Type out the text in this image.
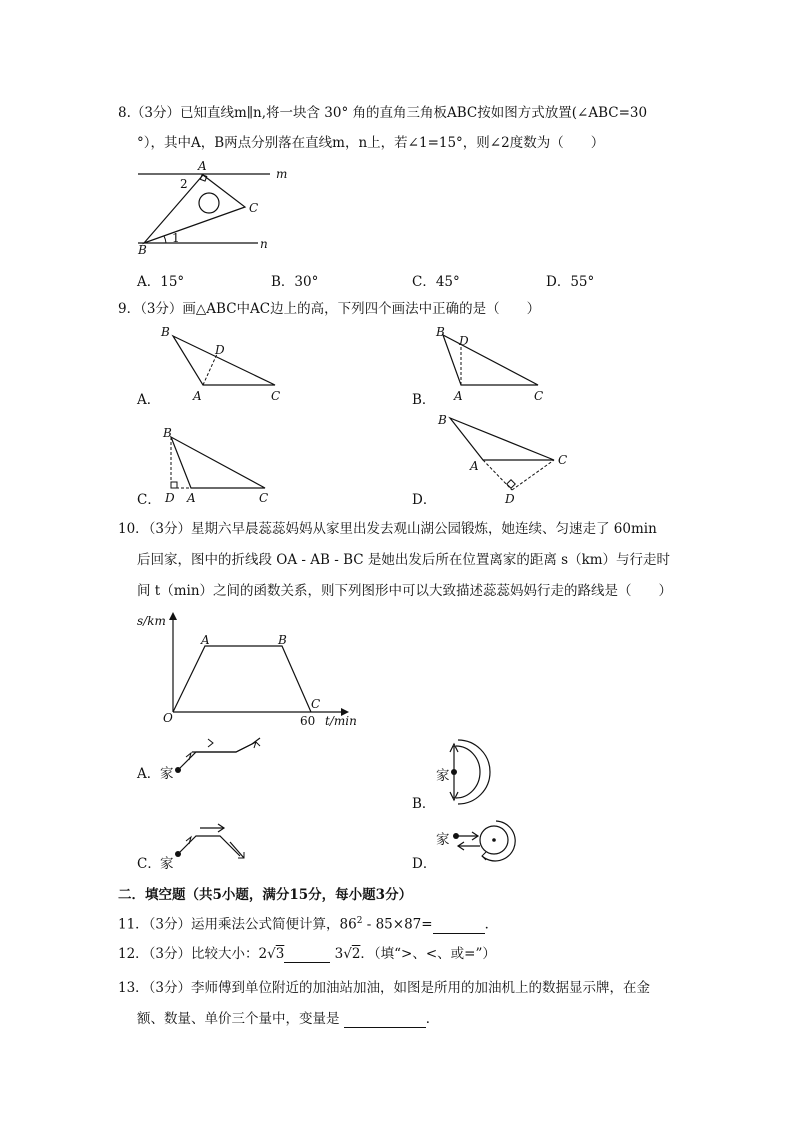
8.（3分）已知直线m∥n,将一块含 30° 角的直角三角板ABC按如图方式放置(∠ABC=30
°），其中A，B两点分别落在直线m，n上，若∠1=15°，则∠2度数为（　　）
A
B
C
m
n
1
2
A．15°	B．30°	C．45°	D．55°
9．（3分）画△ABC中AC边上的高，下列四个画法中正确的是（　　）
A．
B
D
A	C	B．
B
D
A	C
C．
B
D A	C	D．
B
A	C
D
10．（3分）星期六早晨蕊蕊妈妈从家里出发去观山湖公园锻炼，她连续、匀速走了 60min
后回家，图中的折线段 OA - AB - BC 是她出发后所在位置离家的距离 s（km）与行走时
间 t（min）之间的函数关系，则下列图形中可以大致描述蕊蕊妈妈行走的路线是（　　）
s/km
t/min
O
A	B
C
60
A． 家
B．
家
C． 家	D．
家
二．填空题（共5小题，满分15分，每小题3分）
11．（3分）运用乘法公式简便计算，$86^2 - 85\times 87=$	．
12．（3分）比较大小：2√3	3√2．（填“>、<、或=”）
13．（3分）李师傅到单位附近的加油站加油，如图是所用的加油机上的数据显示牌，在金
额、数量、单价三个量中，变量是	．
